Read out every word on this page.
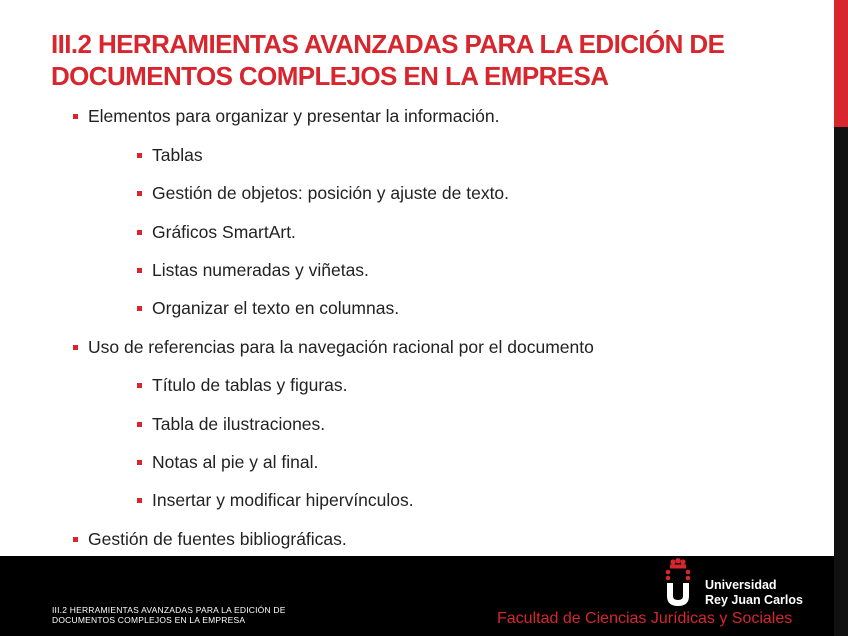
III.2 HERRAMIENTAS AVANZADAS PARA LA EDICIÓN DE DOCUMENTOS COMPLEJOS EN LA EMPRESA
Elementos para organizar y presentar la información.
Tablas
Gestión de objetos: posición y ajuste de texto.
Gráficos SmartArt.
Listas numeradas y viñetas.
Organizar el texto en columnas.
Uso de referencias para la navegación racional por el documento
Título de tablas y figuras.
Tabla de ilustraciones.
Notas al pie y al final.
Insertar y modificar hipervínculos.
Gestión de fuentes bibliográficas.
Universidad
Rey Juan Carlos
III.2 HERRAMIENTAS AVANZADAS PARA LA EDICIÓN DE
DOCUMENTOS COMPLEJOS EN LA EMPRESA	Facultad de Ciencias Jurídicas y Sociales
